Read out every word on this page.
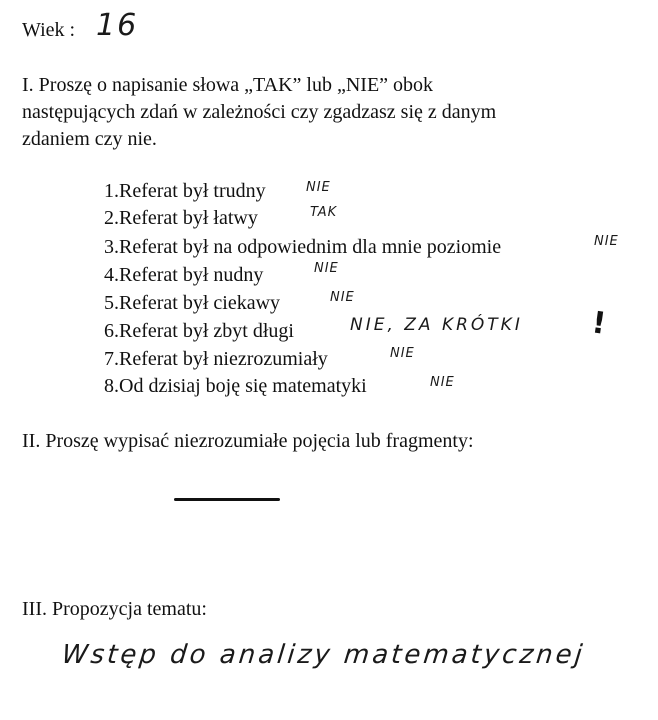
Wiek : 16
I. Proszę o napisanie słowa „TAK” lub „NIE” obok
następujących zdań w zależności czy zgadzasz się z danym
zdaniem czy nie.
1.Referat był trudny	NIE
2.Referat był łatwy	TAK
3.Referat był na odpowiednim dla mnie poziomie	NIE
4.Referat był nudny	NIE
5.Referat był ciekawy	NIE
6.Referat był zbyt długi	NIE, ZA KRÓTKI !
7.Referat był niezrozumiały	NIE
8.Od dzisiaj boję się matematyki	NIE
II. Proszę wypisać niezrozumiałe pojęcia lub fragmenty:
III. Propozycja tematu:
Wstęp do analizy matematycznej
